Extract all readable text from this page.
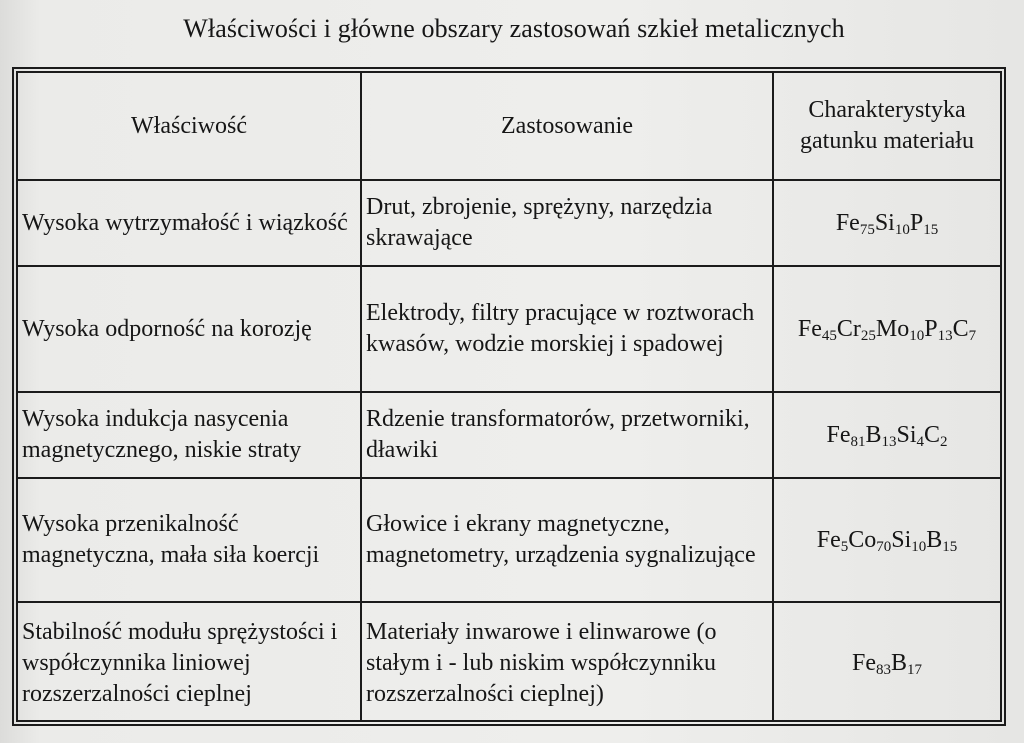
Właściwości i główne obszary zastosowań szkieł metalicznych
Właściwość	Zastosowanie	Charakterystyka gatunku materiału
Wysoka wytrzymałość i wiązkość	Drut, zbrojenie, sprężyny, narzędzia skrawające	$Fe_{75}Si_{10}P_{15}$
Wysoka odporność na korozję	Elektrody, filtry pracujące w roztworach kwasów, wodzie morskiej i spadowej	$Fe_{45}Cr_{25}Mo_{10}P_{13}C_7$
Wysoka indukcja nasycenia magnetycznego, niskie straty	Rdzenie transformatorów, przetworniki, dławiki	$Fe_{81}B_{13}Si_4C_2$
Wysoka przenikalność magnetyczna, mała siła koercji	Głowice i ekrany magnetyczne, magnetometry, urządzenia sygnalizujące	$Fe_5Co_{70}Si_{10}B_{15}$
Stabilność modułu sprężystości i współczynnika liniowej rozszerzalności cieplnej	Materiały inwarowe i elinwarowe (o stałym i - lub niskim współczynniku rozszerzalności cieplnej)	$Fe_{83}B_{17}$
